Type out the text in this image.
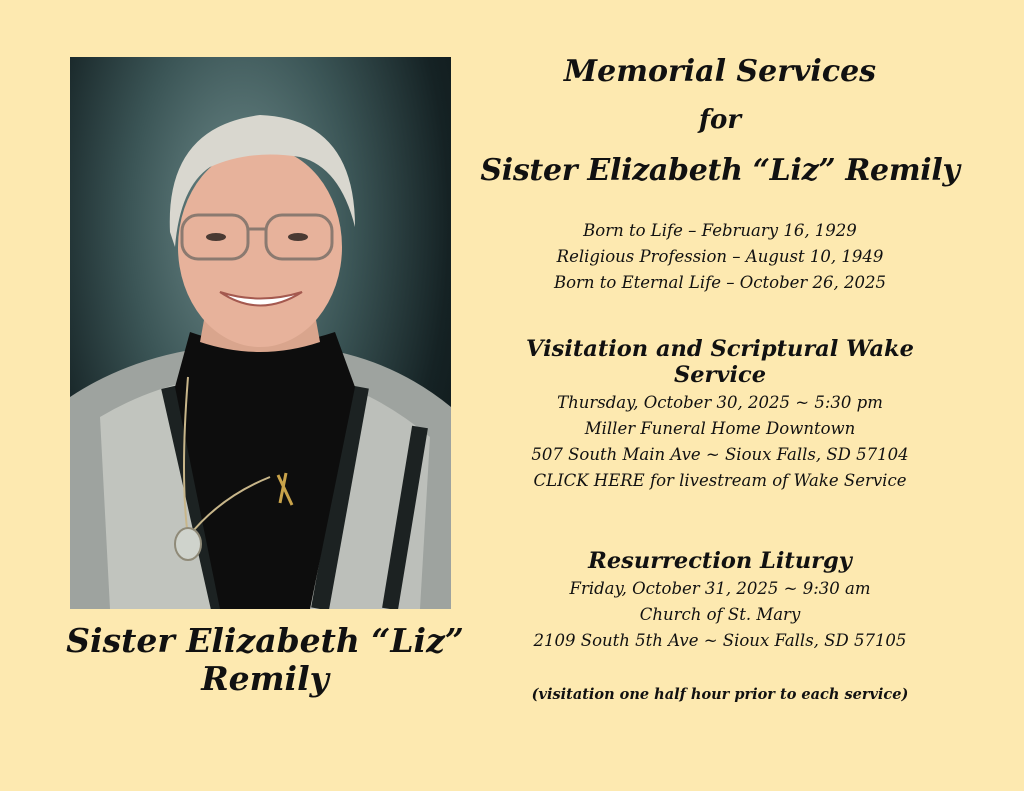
Sister Elizabeth “Liz”
Remily
Memorial Services
for
Sister Elizabeth “Liz” Remily
Born to Life – February 16, 1929
Religious Profession – August 10, 1949
Born to Eternal Life – October 26, 2025
Visitation and Scriptural Wake Service
Thursday, October 30, 2025 ~ 5:30 pm
Miller Funeral Home Downtown
507 South Main Ave ~ Sioux Falls, SD 57104
CLICK HERE for livestream of Wake Service
Resurrection Liturgy
Friday, October 31, 2025 ~ 9:30 am
Church of St. Mary
2109 South 5th Ave ~ Sioux Falls, SD 57105
(visitation one half hour prior to each service)
